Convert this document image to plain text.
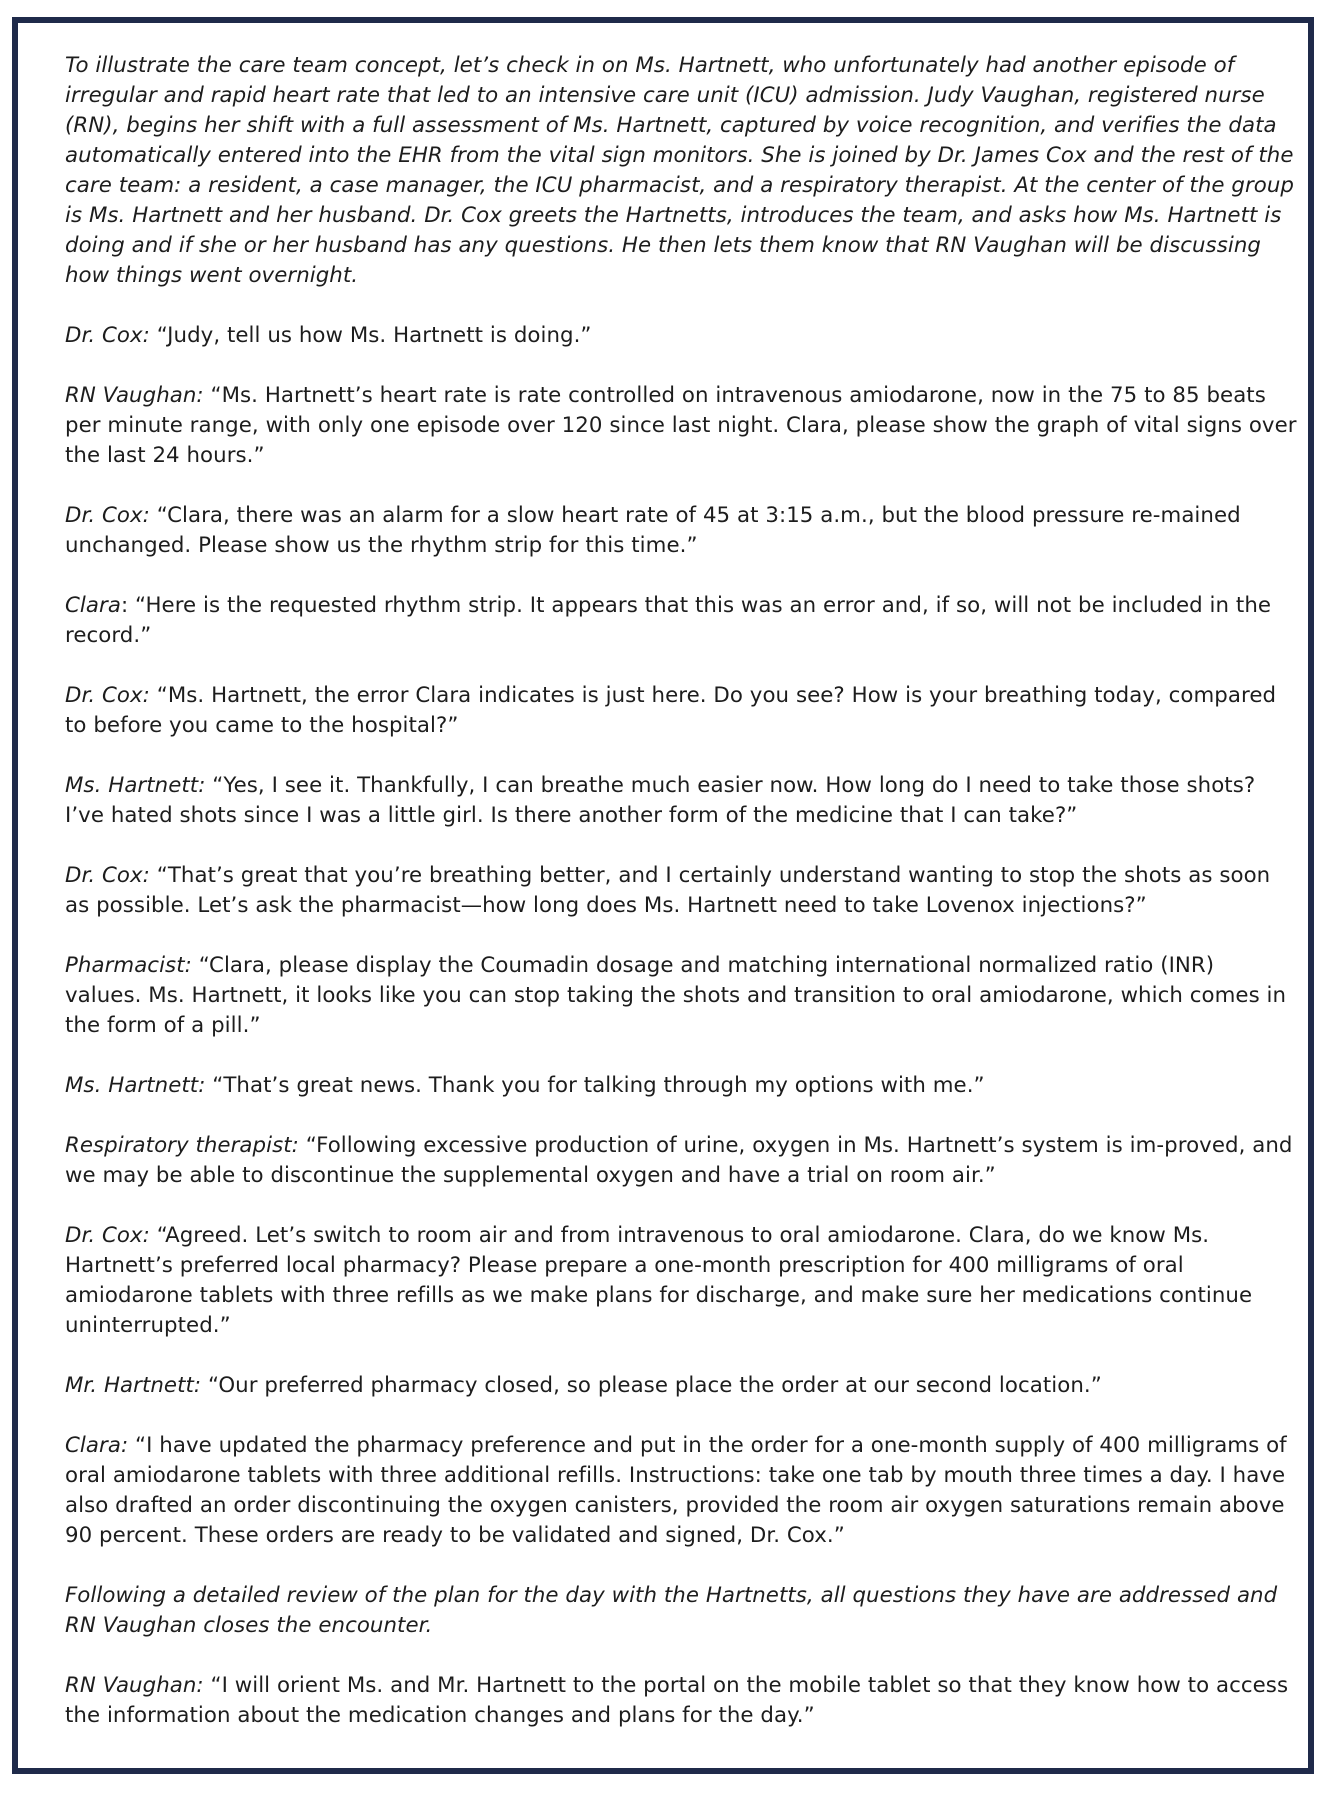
To illustrate the care team concept, let’s check in on Ms. Hartnett, who unfortunately had another episode of irregular and rapid heart rate that led to an intensive care unit (ICU) admission. Judy Vaughan, registered nurse (RN), begins her shift with a full assessment of Ms. Hartnett, captured by voice recognition, and verifies the data automatically entered into the EHR from the vital sign monitors. She is joined by Dr. James Cox and the rest of the care team: a resident, a case manager, the ICU pharmacist, and a respiratory therapist. At the center of the group is Ms. Hartnett and her husband. Dr. Cox greets the Hartnetts, introduces the team, and asks how Ms. Hartnett is doing and if she or her husband has any questions. He then lets them know that RN Vaughan will be discussing how things went overnight.

Dr. Cox: “Judy, tell us how Ms. Hartnett is doing.”

RN Vaughan: “Ms. Hartnett’s heart rate is rate controlled on intravenous amiodarone, now in the 75 to 85 beats per minute range, with only one episode over 120 since last night. Clara, please show the graph of vital signs over the last 24 hours.”

Dr. Cox: “Clara, there was an alarm for a slow heart rate of 45 at 3:15 a.m., but the blood pressure re-mained unchanged. Please show us the rhythm strip for this time.”

Clara: “Here is the requested rhythm strip. It appears that this was an error and, if so, will not be included in the record.”

Dr. Cox: “Ms. Hartnett, the error Clara indicates is just here. Do you see? How is your breathing today, compared to before you came to the hospital?”

Ms. Hartnett: “Yes, I see it. Thankfully, I can breathe much easier now. How long do I need to take those shots? I’ve hated shots since I was a little girl. Is there another form of the medicine that I can take?”

Dr. Cox: “That’s great that you’re breathing better, and I certainly understand wanting to stop the shots as soon as possible. Let’s ask the pharmacist—how long does Ms. Hartnett need to take Lovenox injections?”

Pharmacist: “Clara, please display the Coumadin dosage and matching international normalized ratio (INR) values. Ms. Hartnett, it looks like you can stop taking the shots and transition to oral amiodarone, which comes in the form of a pill.”

Ms. Hartnett: “That’s great news. Thank you for talking through my options with me.”

Respiratory therapist: “Following excessive production of urine, oxygen in Ms. Hartnett’s system is im-proved, and we may be able to discontinue the supplemental oxygen and have a trial on room air.”

Dr. Cox: “Agreed. Let’s switch to room air and from intravenous to oral amiodarone. Clara, do we know Ms. Hartnett’s preferred local pharmacy? Please prepare a one-month prescription for 400 milligrams of oral amiodarone tablets with three refills as we make plans for discharge, and make sure her medications continue uninterrupted.”

Mr. Hartnett: “Our preferred pharmacy closed, so please place the order at our second location.”

Clara: “I have updated the pharmacy preference and put in the order for a one-month supply of 400 milligrams of oral amiodarone tablets with three additional refills. Instructions: take one tab by mouth three times a day. I have also drafted an order discontinuing the oxygen canisters, provided the room air oxygen saturations remain above 90 percent. These orders are ready to be validated and signed, Dr. Cox.”

Following a detailed review of the plan for the day with the Hartnetts, all questions they have are addressed and RN Vaughan closes the encounter.

RN Vaughan: “I will orient Ms. and Mr. Hartnett to the portal on the mobile tablet so that they know how to access the information about the medication changes and plans for the day.”
